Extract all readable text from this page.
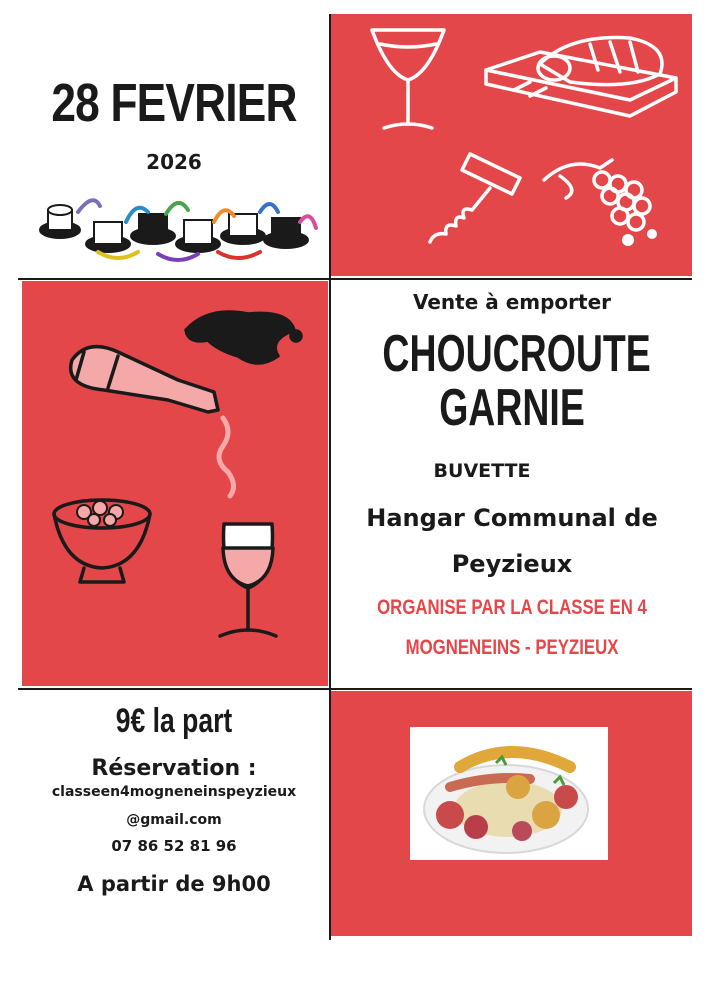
28 FEVRIER
2026
Vente à emporter
CHOUCROUTE
GARNIE
BUVETTE
Hangar Communal de
Peyzieux
ORGANISE PAR LA CLASSE EN 4
MOGNENEINS - PEYZIEUX
9€ la part
Réservation :
classeen4mogneneinspeyzieux
@gmail.com
07 86 52 81 96
A partir de 9h00
